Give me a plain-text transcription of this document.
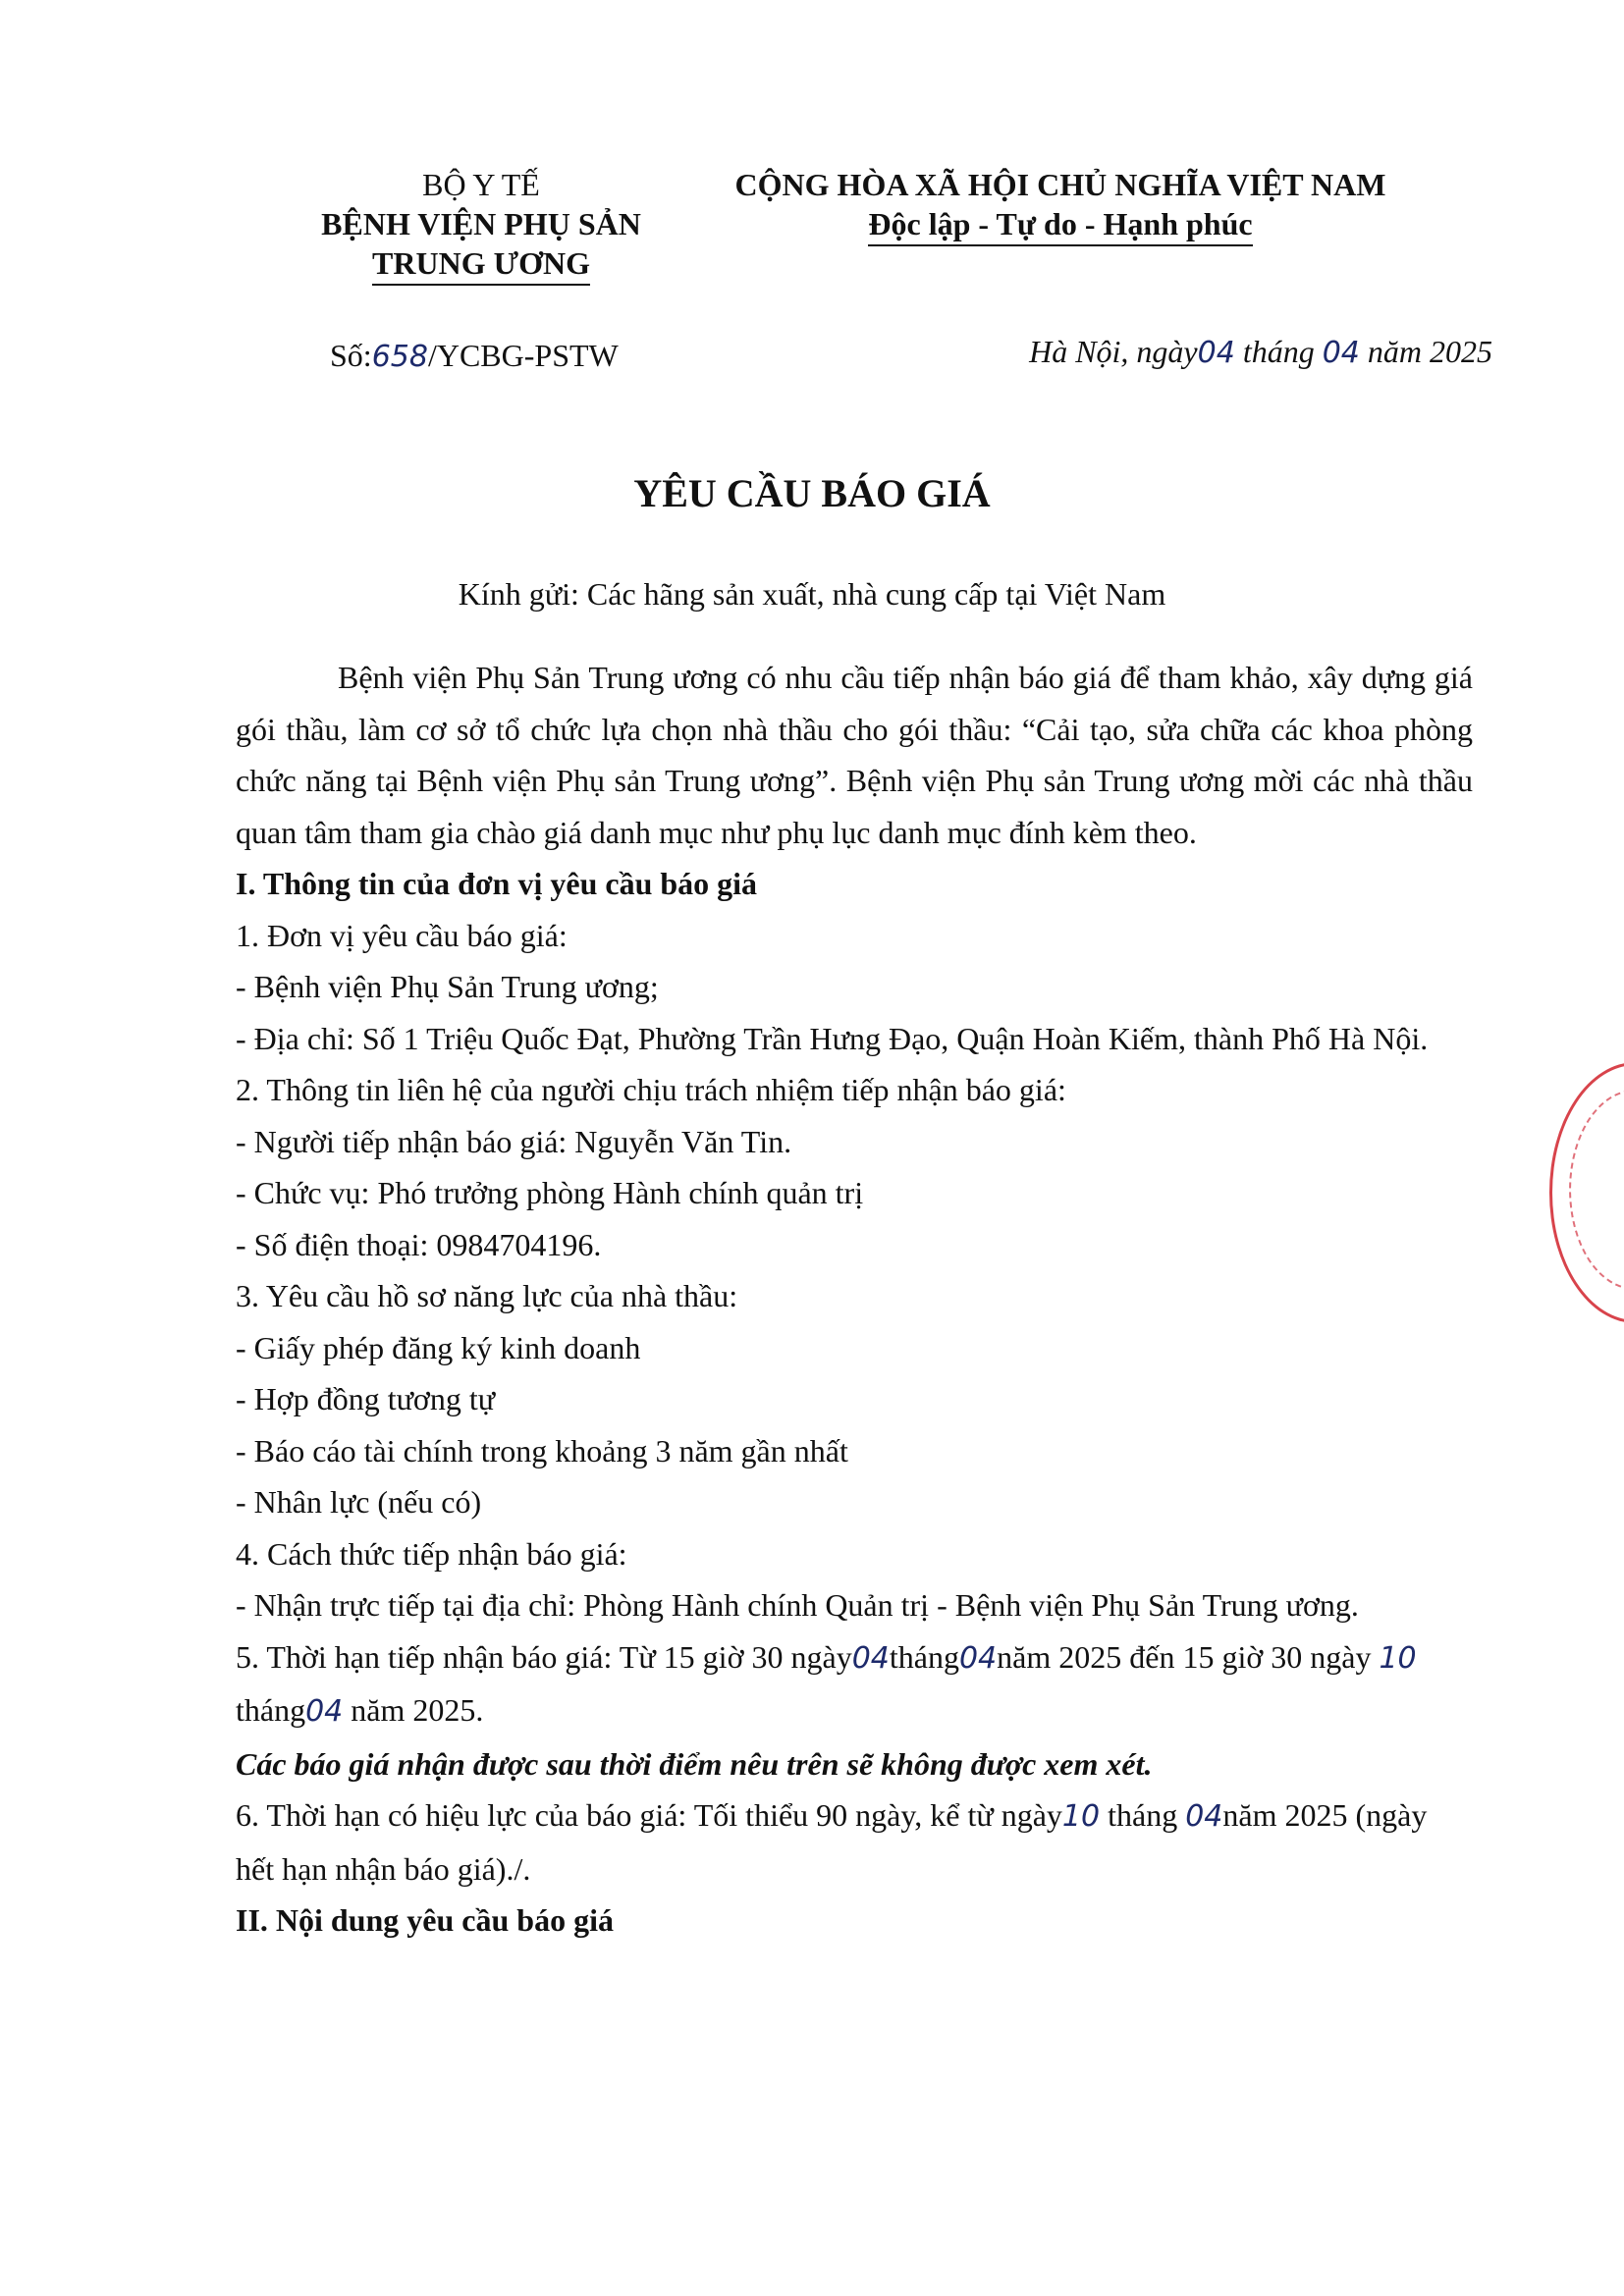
BỘ Y TẾ
BỆNH VIỆN PHỤ SẢN
TRUNG ƯƠNG
CỘNG HÒA XÃ HỘI CHỦ NGHĨA VIỆT NAM
Độc lập - Tự do - Hạnh phúc
Số:658/YCBG-PSTW	Hà Nội, ngày04 tháng 04 năm 2025
YÊU CẦU BÁO GIÁ
Kính gửi: Các hãng sản xuất, nhà cung cấp tại Việt Nam

Bệnh viện Phụ Sản Trung ương có nhu cầu tiếp nhận báo giá để tham khảo, xây dựng giá gói thầu, làm cơ sở tổ chức lựa chọn nhà thầu cho gói thầu: “Cải tạo, sửa chữa các khoa phòng chức năng tại Bệnh viện Phụ sản Trung ương”. Bệnh viện Phụ sản Trung ương mời các nhà thầu quan tâm tham gia chào giá danh mục như phụ lục danh mục đính kèm theo.

I. Thông tin của đơn vị yêu cầu báo giá

1. Đơn vị yêu cầu báo giá:

- Bệnh viện Phụ Sản Trung ương;

- Địa chỉ: Số 1 Triệu Quốc Đạt, Phường Trần Hưng Đạo, Quận Hoàn Kiếm, thành Phố Hà Nội.

2. Thông tin liên hệ của người chịu trách nhiệm tiếp nhận báo giá:

- Người tiếp nhận báo giá: Nguyễn Văn Tin.

- Chức vụ: Phó trưởng phòng Hành chính quản trị

- Số điện thoại: 0984704196.

3. Yêu cầu hồ sơ năng lực của nhà thầu:

- Giấy phép đăng ký kinh doanh

- Hợp đồng tương tự

- Báo cáo tài chính trong khoảng 3 năm gần nhất

- Nhân lực (nếu có)

4. Cách thức tiếp nhận báo giá:

- Nhận trực tiếp tại địa chỉ: Phòng Hành chính Quản trị - Bệnh viện Phụ Sản Trung ương.

5. Thời hạn tiếp nhận báo giá: Từ 15 giờ 30 ngày04tháng04năm 2025 đến 15 giờ 30 ngày 10 tháng04 năm 2025.

Các báo giá nhận được sau thời điểm nêu trên sẽ không được xem xét.

6. Thời hạn có hiệu lực của báo giá: Tối thiểu 90 ngày, kể từ ngày10 tháng 04năm 2025 (ngày hết hạn nhận báo giá)./.

II. Nội dung yêu cầu báo giá
